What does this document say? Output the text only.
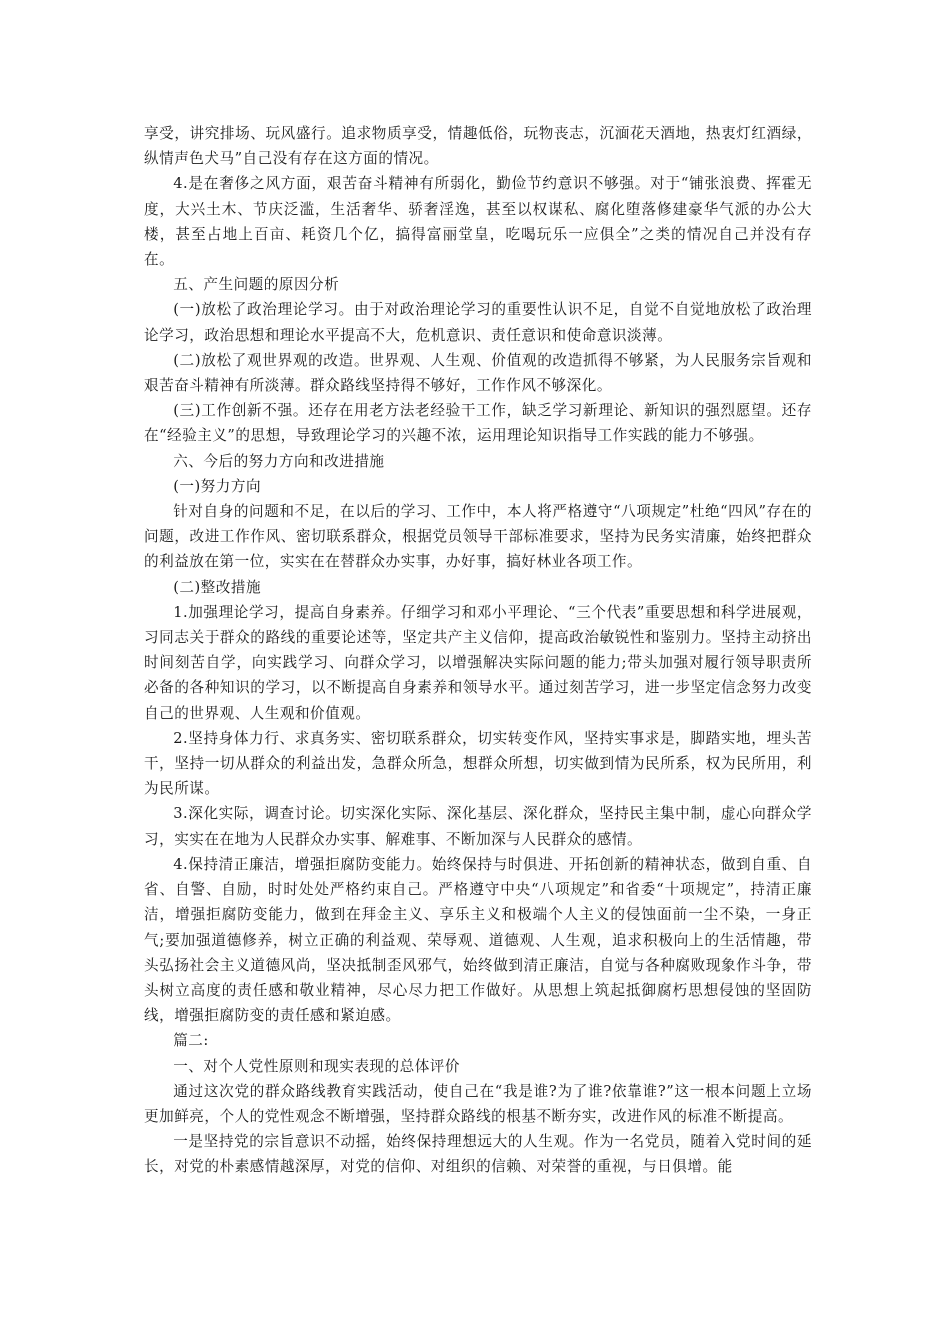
享受，讲究排场、玩风盛行。追求物质享受，情趣低俗，玩物丧志，沉湎花天酒地，热衷灯红酒绿，纵情声色犬马”自己没有存在这方面的情况。

4.是在奢侈之风方面，艰苦奋斗精神有所弱化，勤俭节约意识不够强。对于“铺张浪费、挥霍无度，大兴土木、节庆泛滥，生活奢华、骄奢淫逸，甚至以权谋私、腐化堕落修建豪华气派的办公大楼，甚至占地上百亩、耗资几个亿，搞得富丽堂皇，吃喝玩乐一应俱全”之类的情况自己并没有存在。

五、产生问题的原因分析

(一)放松了政治理论学习。由于对政治理论学习的重要性认识不足，自觉不自觉地放松了政治理论学习，政治思想和理论水平提高不大，危机意识、责任意识和使命意识淡薄。

(二)放松了观世界观的改造。世界观、人生观、价值观的改造抓得不够紧，为人民服务宗旨观和艰苦奋斗精神有所淡薄。群众路线坚持得不够好，工作作风不够深化。

(三)工作创新不强。还存在用老方法老经验干工作，缺乏学习新理论、新知识的强烈愿望。还存在“经验主义”的思想，导致理论学习的兴趣不浓，运用理论知识指导工作实践的能力不够强。

六、今后的努力方向和改进措施

(一)努力方向

针对自身的问题和不足，在以后的学习、工作中，本人将严格遵守“八项规定”杜绝“四风”存在的问题，改进工作作风、密切联系群众，根据党员领导干部标准要求，坚持为民务实清廉，始终把群众的利益放在第一位，实实在在替群众办实事，办好事，搞好林业各项工作。

(二)整改措施

1.加强理论学习，提高自身素养。仔细学习和邓小平理论、“三个代表”重要思想和科学进展观，习同志关于群众的路线的重要论述等，坚定共产主义信仰，提高政治敏锐性和鉴别力。坚持主动挤出时间刻苦自学，向实践学习、向群众学习，以增强解决实际问题的能力;带头加强对履行领导职责所必备的各种知识的学习，以不断提高自身素养和领导水平。通过刻苦学习，进一步坚定信念努力改变自己的世界观、人生观和价值观。

2.坚持身体力行、求真务实、密切联系群众，切实转变作风，坚持实事求是，脚踏实地，埋头苦干，坚持一切从群众的利益出发，急群众所急，想群众所想，切实做到情为民所系，权为民所用，利为民所谋。

3.深化实际，调查讨论。切实深化实际、深化基层、深化群众，坚持民主集中制，虚心向群众学习，实实在在地为人民群众办实事、解难事、不断加深与人民群众的感情。

4.保持清正廉洁，增强拒腐防变能力。始终保持与时俱进、开拓创新的精神状态，做到自重、自省、自警、自励，时时处处严格约束自己。严格遵守中央“八项规定”和省委“十项规定”，持清正廉洁，增强拒腐防变能力，做到在拜金主义、享乐主义和极端个人主义的侵蚀面前一尘不染，一身正气;要加强道德修养，树立正确的利益观、荣辱观、道德观、人生观，追求积极向上的生活情趣，带头弘扬社会主义道德风尚，坚决抵制歪风邪气，始终做到清正廉洁，自觉与各种腐败现象作斗争，带头树立高度的责任感和敬业精神，尽心尽力把工作做好。从思想上筑起抵御腐朽思想侵蚀的坚固防线，增强拒腐防变的责任感和紧迫感。

篇二:

一、对个人党性原则和现实表现的总体评价

通过这次党的群众路线教育实践活动，使自己在“我是谁?为了谁?依靠谁?”这一根本问题上立场更加鲜亮，个人的党性观念不断增强，坚持群众路线的根基不断夯实，改进作风的标准不断提高。

一是坚持党的宗旨意识不动摇，始终保持理想远大的人生观。作为一名党员，随着入党时间的延长，对党的朴素感情越深厚，对党的信仰、对组织的信赖、对荣誉的重视，与日俱增。能
